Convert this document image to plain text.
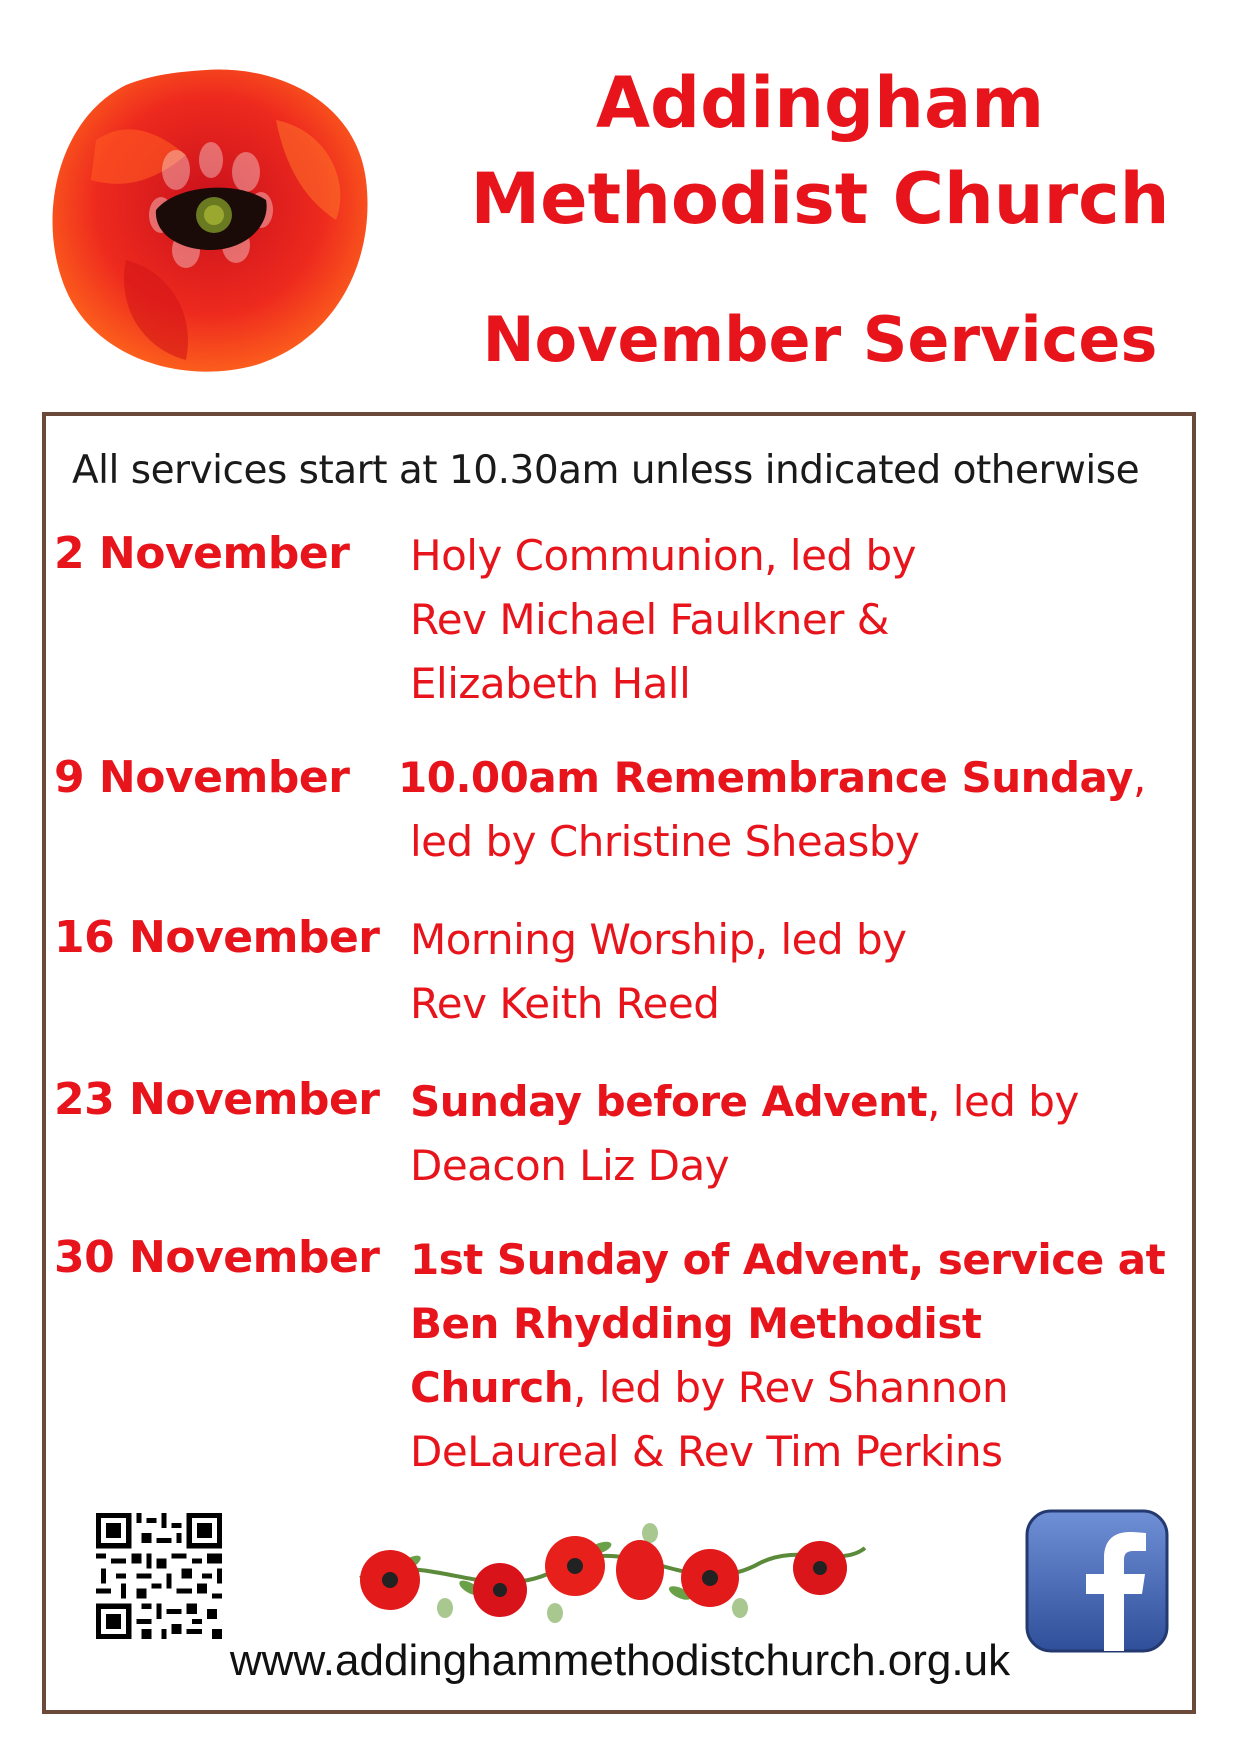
Addingham
Methodist Church
November Services
All services start at 10.30am unless indicated otherwise
2 November	Holy Communion, led by
Rev Michael Faulkner &
Elizabeth Hall
9 November	10.00am Remembrance Sunday,
led by Christine Sheasby
16 November Morning Worship, led by
Rev Keith Reed
23 November Sunday before Advent, led by
Deacon Liz Day
30 November 1st Sunday of Advent, service at
Ben Rhydding Methodist
Church, led by Rev Shannon
DeLaureal & Rev Tim Perkins
www.addinghammethodistchurch.org.uk
